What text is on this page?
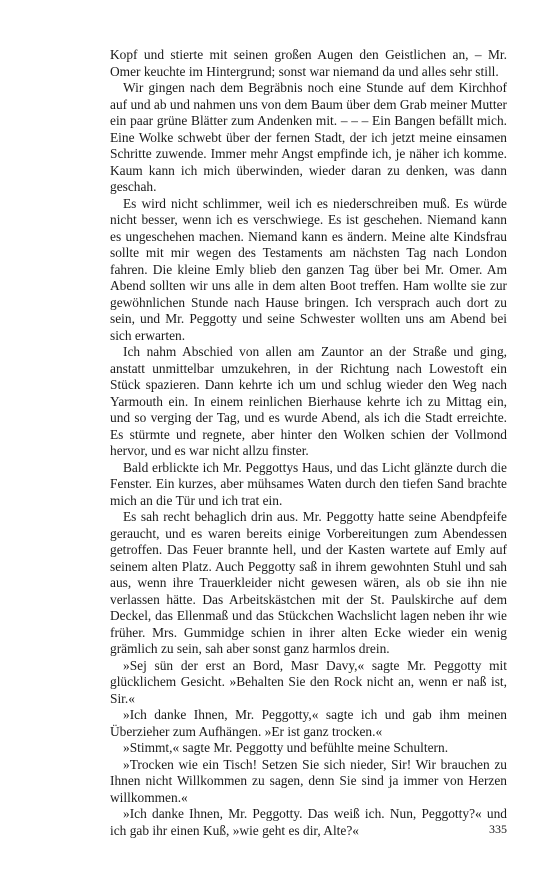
Kopf und stierte mit seinen großen Augen den Geistlichen an, – Mr. Omer keuchte im Hintergrund; sonst war niemand da und alles sehr still.

Wir gingen nach dem Begräbnis noch eine Stunde auf dem Kirchhof auf und ab und nahmen uns von dem Baum über dem Grab meiner Mutter ein paar grüne Blätter zum Andenken mit. – – – Ein Bangen befällt mich. Eine Wolke schwebt über der fernen Stadt, der ich jetzt meine einsamen Schritte zuwende. Immer mehr Angst empfinde ich, je näher ich komme. Kaum kann ich mich überwinden, wieder daran zu denken, was dann geschah.

Es wird nicht schlimmer, weil ich es niederschreiben muß. Es würde nicht besser, wenn ich es verschwiege. Es ist geschehen. Niemand kann es ungeschehen machen. Niemand kann es ändern. Meine alte Kindsfrau sollte mit mir wegen des Testaments am nächsten Tag nach London fahren. Die kleine Emly blieb den ganzen Tag über bei Mr. Omer. Am Abend sollten wir uns alle in dem alten Boot treffen. Ham wollte sie zur gewöhnlichen Stunde nach Hause bringen. Ich versprach auch dort zu sein, und Mr. Peggotty und seine Schwester wollten uns am Abend bei sich erwarten.

Ich nahm Abschied von allen am Zauntor an der Straße und ging, anstatt unmittelbar umzukehren, in der Richtung nach Lowestoft ein Stück spazieren. Dann kehrte ich um und schlug wieder den Weg nach Yarmouth ein. In einem reinlichen Bierhause kehrte ich zu Mittag ein, und so verging der Tag, und es wurde Abend, als ich die Stadt erreichte. Es stürmte und regnete, aber hinter den Wolken schien der Vollmond hervor, und es war nicht allzu finster.

Bald erblickte ich Mr. Peggottys Haus, und das Licht glänzte durch die Fenster. Ein kurzes, aber mühsames Waten durch den tiefen Sand brachte mich an die Tür und ich trat ein.

Es sah recht behaglich drin aus. Mr. Peggotty hatte seine Abendpfeife geraucht, und es waren bereits einige Vorbereitungen zum Abendessen getroffen. Das Feuer brannte hell, und der Kasten wartete auf Emly auf seinem alten Platz. Auch Peggotty saß in ihrem gewohnten Stuhl und sah aus, wenn ihre Trauerkleider nicht gewesen wären, als ob sie ihn nie verlassen hätte. Das Arbeitskästchen mit der St. Paulskirche auf dem Deckel, das Ellenmaß und das Stückchen Wachslicht lagen neben ihr wie früher. Mrs. Gummidge schien in ihrer alten Ecke wieder ein wenig grämlich zu sein, sah aber sonst ganz harmlos drein.

»Sej sün der erst an Bord, Masr Davy,« sagte Mr. Peggotty mit glücklichem Gesicht. »Behalten Sie den Rock nicht an, wenn er naß ist, Sir.«

»Ich danke Ihnen, Mr. Peggotty,« sagte ich und gab ihm meinen Überzieher zum Aufhängen. »Er ist ganz trocken.«

»Stimmt,« sagte Mr. Peggotty und befühlte meine Schultern.

»Trocken wie ein Tisch! Setzen Sie sich nieder, Sir! Wir brauchen zu Ihnen nicht Willkommen zu sagen, denn Sie sind ja immer von Herzen willkommen.«

»Ich danke Ihnen, Mr. Peggotty. Das weiß ich. Nun, Peggotty?« und ich gab ihr einen Kuß, »wie geht es dir, Alte?«	335
